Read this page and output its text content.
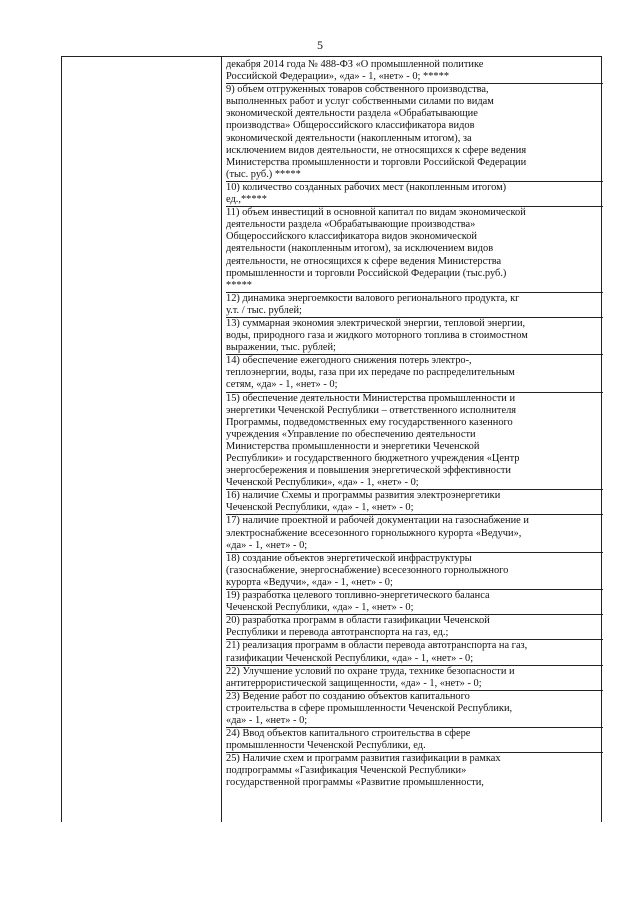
5

декабря 2014 года № 488-ФЗ «О промышленной политике

Российской Федерации», «да» - 1, «нет» - 0; *****

9) объем отгруженных товаров собственного производства,

выполненных работ и услуг собственными силами по видам

экономической деятельности раздела «Обрабатывающие

производства» Общероссийского классификатора видов

экономической деятельности (накопленным итогом), за

исключением видов деятельности, не относящихся к сфере ведения

Министерства промышленности и торговли Российской Федерации

(тыс. руб.) *****

10) количество созданных рабочих мест (накопленным итогом)

ед.,*****

11) объем инвестиций в основной капитал по видам экономической

деятельности раздела «Обрабатывающие производства»

Общероссийского классификатора видов экономической

деятельности (накопленным итогом), за исключением видов

деятельности, не относящихся к сфере ведения Министерства

промышленности и торговли Российской Федерации (тыс.руб.)

*****

12) динамика энергоемкости валового регионального продукта, кг

у.т. / тыс. рублей;

13) суммарная экономия электрической энергии, тепловой энергии,

воды, природного газа и жидкого моторного топлива в стоимостном

выражении, тыс. рублей;

14) обеспечение ежегодного снижения потерь электро-,

теплоэнергии, воды, газа при их передаче по распределительным

сетям, «да» - 1, «нет» - 0;

15) обеспечение деятельности Министерства промышленности и

энергетики Чеченской Республики – ответственного исполнителя

Программы, подведомственных ему государственного казенного

учреждения «Управление по обеспечению деятельности

Министерства промышленности и энергетики Чеченской

Республики» и государственного бюджетного учреждения «Центр

энергосбережения и повышения энергетической эффективности

Чеченской Республики», «да» - 1, «нет» - 0;

16) наличие Схемы и программы развития электроэнергетики

Чеченской Республики, «да» - 1, «нет» - 0;

17) наличие проектной и рабочей документации на газоснабжение и

электроснабжение всесезонного горнолыжного курорта «Ведучи»,

«да» - 1, «нет» - 0;

18) создание объектов энергетической инфраструктуры

(газоснабжение, энергоснабжение) всесезонного горнолыжного

курорта «Ведучи», «да» - 1, «нет» - 0;

19) разработка целевого топливно-энергетического баланса

Чеченской Республики, «да» - 1, «нет» - 0;

20) разработка программ в области газификации Чеченской

Республики и перевода автотранспорта на газ, ед.;

21) реализация программ в области перевода автотранспорта на газ,

газификации Чеченской Республики, «да» - 1, «нет» - 0;

22) Улучшение условий по охране труда, технике безопасности и

антитеррористической защищенности, «да» - 1, «нет» - 0;

23) Ведение работ по созданию объектов капитального

строительства в сфере промышленности Чеченской Республики,

«да» - 1, «нет» - 0;

24) Ввод объектов капитального строительства в сфере

промышленности Чеченской Республики, ед.

25) Наличие схем и программ развития газификации в рамках

подпрограммы «Газификация Чеченской Республики»

государственной программы «Развитие промышленности,
